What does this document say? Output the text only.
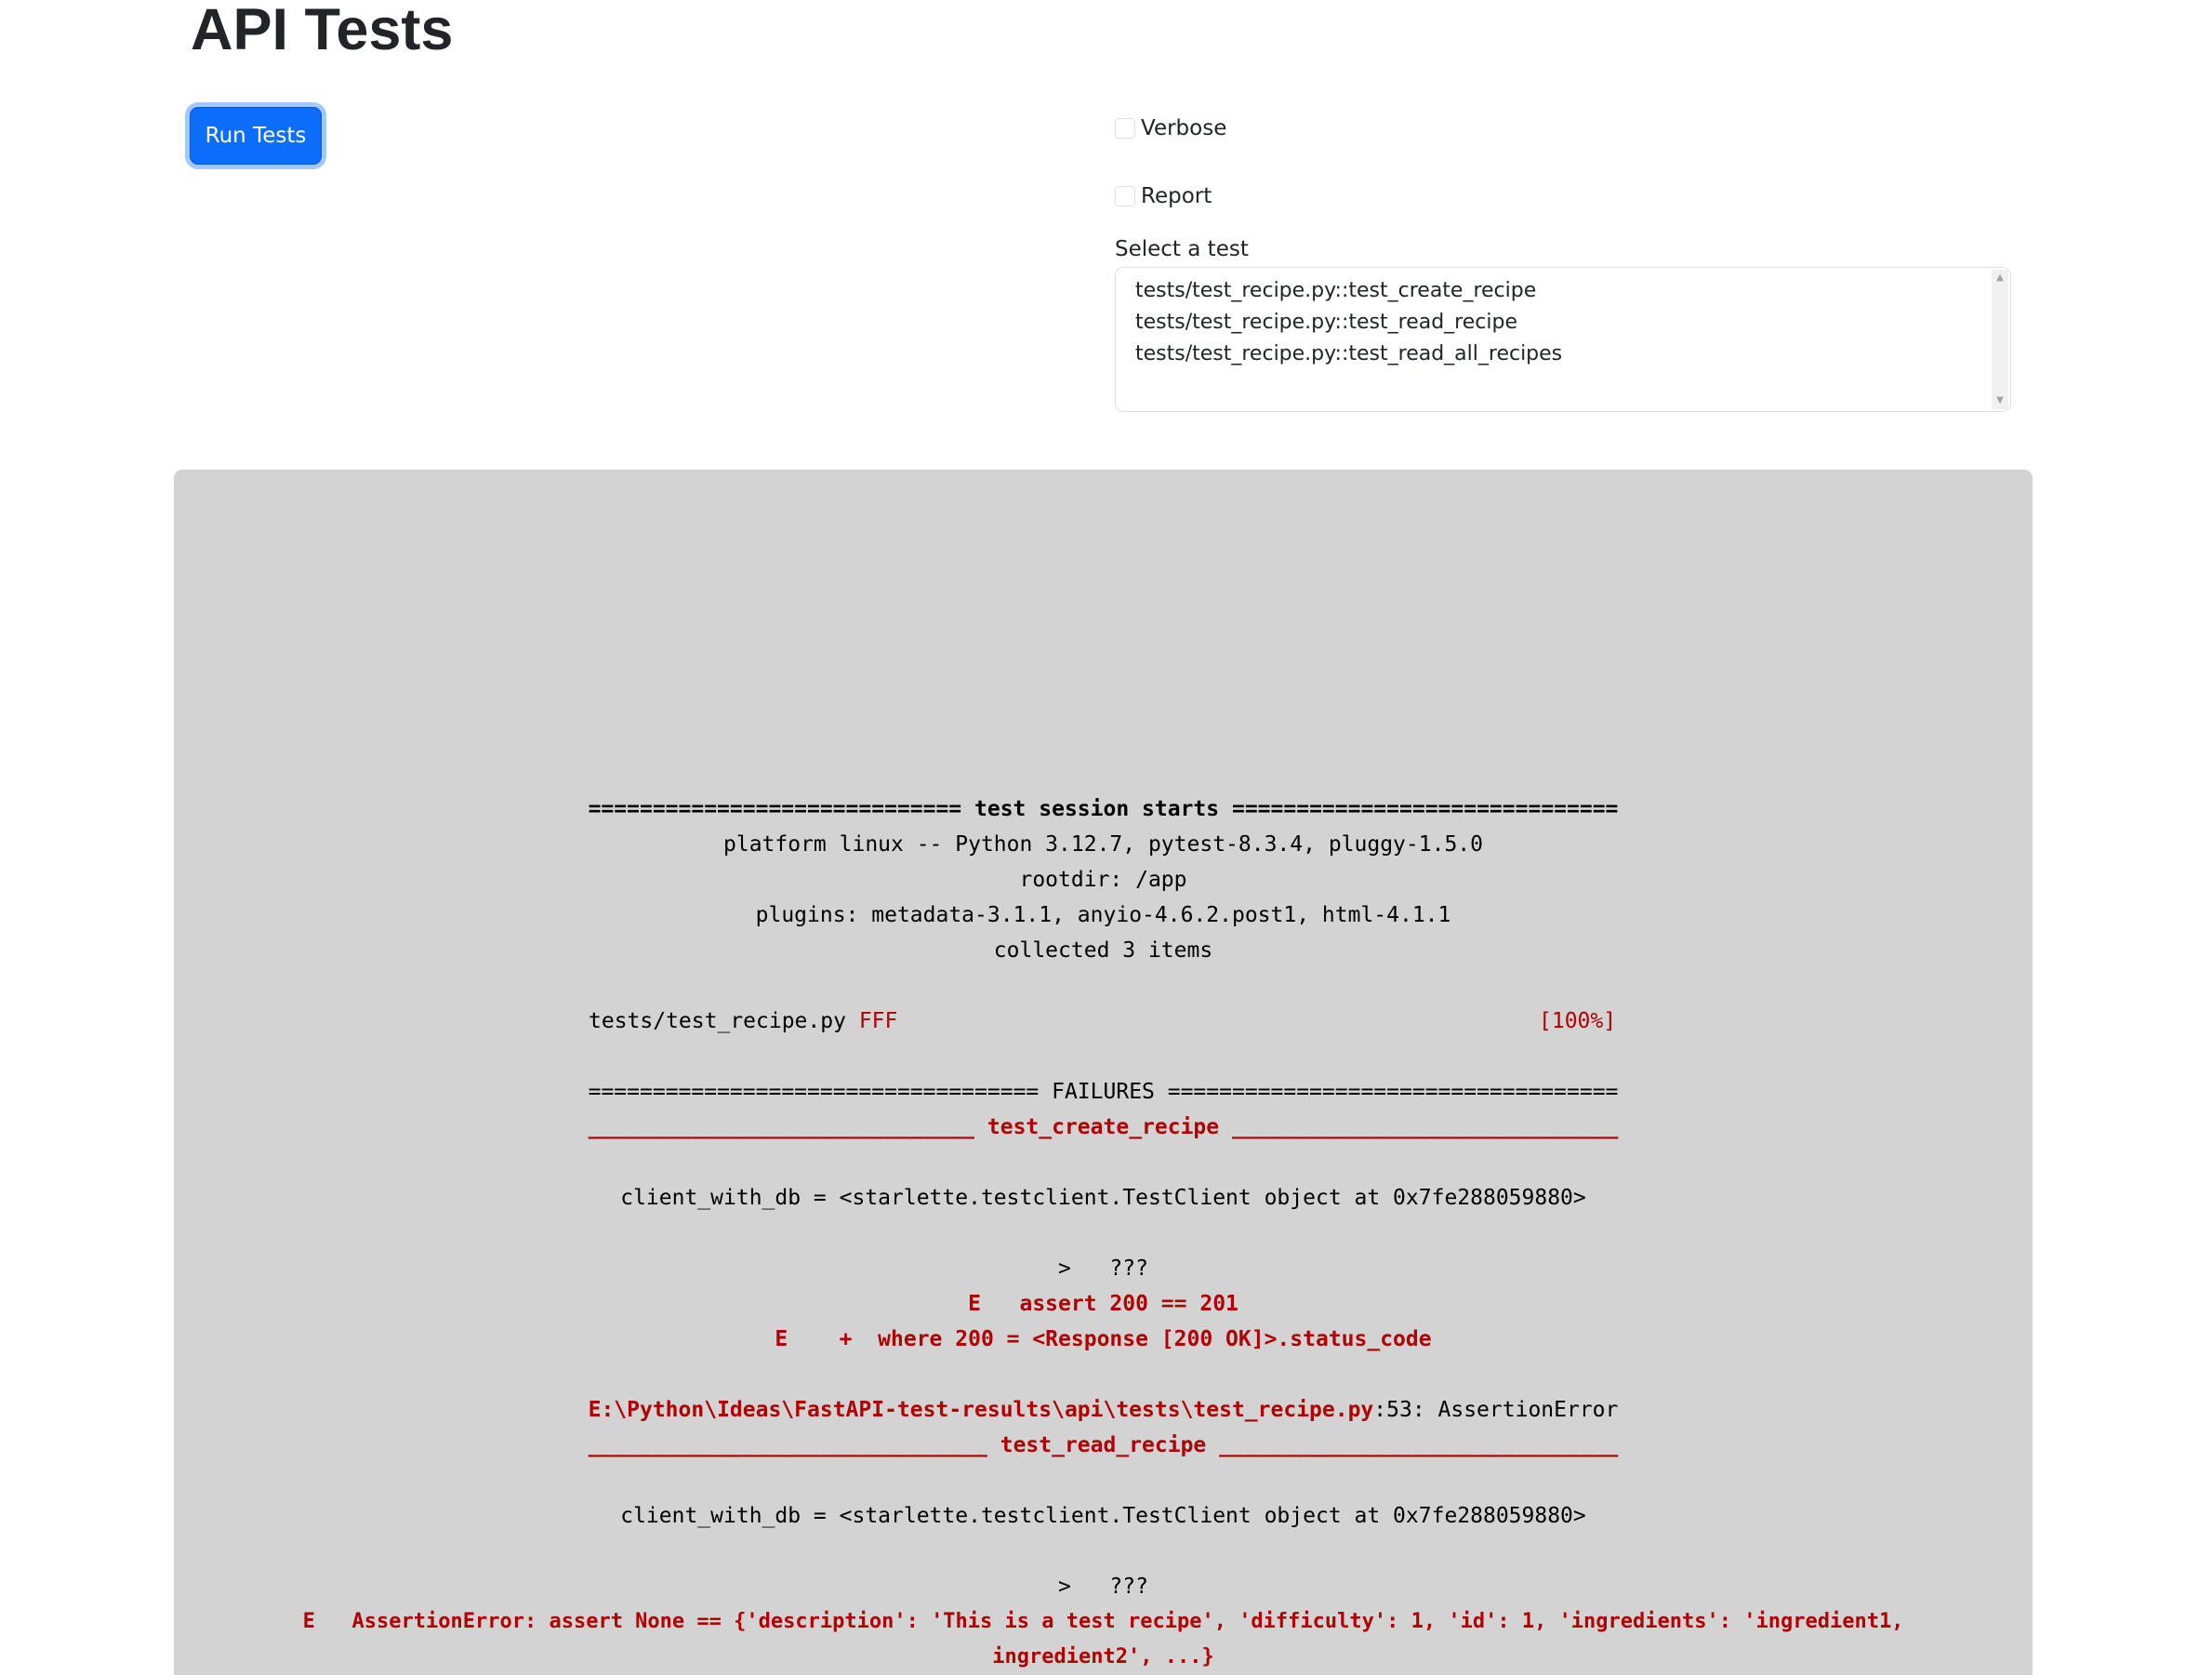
API Tests
Run Tests	Verbose
Report
Select a test
tests/test_recipe.py::test_create_recipe
tests/test_recipe.py::test_read_recipe
tests/test_recipe.py::test_read_all_recipes
▲
▼
============================= test session starts ==============================
platform linux -- Python 3.12.7, pytest-8.3.4, pluggy-1.5.0
rootdir: /app
plugins: metadata-3.1.1, anyio-4.6.2.post1, html-4.1.1
collected 3 items
tests/test_recipe.py FFF	[100%]
=================================== FAILURES ===================================
______________________________ test_create_recipe ______________________________
client_with_db = <starlette.testclient.TestClient object at 0x7fe288059880>
>   ???
E   assert 200 == 201
E    +  where 200 = <Response [200 OK]>.status_code
E:\Python\Ideas\FastAPI-test-results\api\tests\test_recipe.py:53: AssertionError
_______________________________ test_read_recipe _______________________________
client_with_db = <starlette.testclient.TestClient object at 0x7fe288059880>
>   ???
E   AssertionError: assert None == {'description': 'This is a test recipe', 'difficulty': 1, 'id': 1, 'ingredients': 'ingredient1,
ingredient2', ...}
